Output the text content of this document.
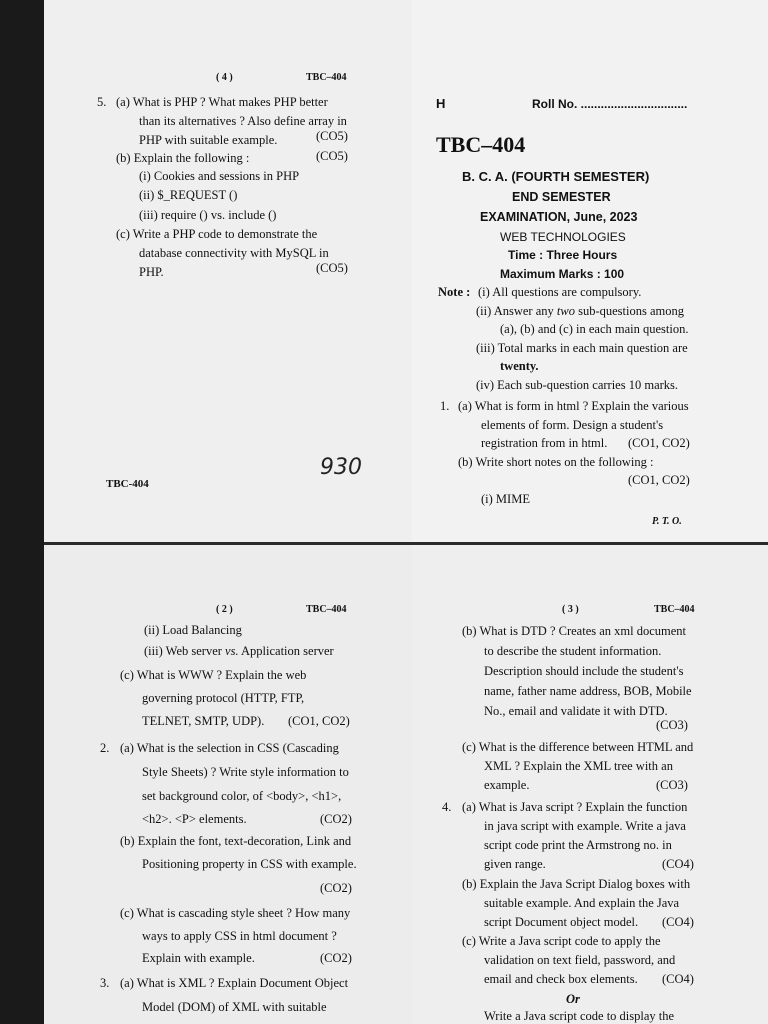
( 4 )	TBC–404
5. (a) What is PHP ? What makes PHP better
than its alternatives ? Also define array in
PHP with suitable example.	(CO5)
(b) Explain the following :	(CO5)
(i) Cookies and sessions in PHP
(ii) $_REQUEST ()
(iii) require () vs. include ()
(c) Write a PHP code to demonstrate the
database connectivity with MySQL in
PHP.	(CO5)
TBC-404
930
H	Roll No. ................................
TBC–404
B. C. A. (FOURTH SEMESTER)
END SEMESTER
EXAMINATION, June, 2023
WEB TECHNOLOGIES
Time : Three Hours
Maximum Marks : 100
Note : (i) All questions are compulsory.
(ii) Answer any two sub-questions among
(a), (b) and (c) in each main question.
(iii) Total marks in each main question are
twenty.
(iv) Each sub-question carries 10 marks.
1. (a) What is form in html ? Explain the various
elements of form. Design a student's
registration from in html. (CO1, CO2)
(b) Write short notes on the following :
(CO1, CO2)
(i) MIME
P. T. O.
( 2 )	TBC–404
(ii) Load Balancing
(iii) Web server vs. Application server
(c) What is WWW ? Explain the web
governing protocol (HTTP, FTP,
TELNET, SMTP, UDP). (CO1, CO2)
2. (a) What is the selection in CSS (Cascading
Style Sheets) ? Write style information to
set background color, of <body>, <h1>,
<h2>. <P> elements.	(CO2)
(b) Explain the font, text-decoration, Link and
Positioning property in CSS with example.
(CO2)
(c) What is cascading style sheet ? How many
ways to apply CSS in html document ?
Explain with example.	(CO2)
3. (a) What is XML ? Explain Document Object
Model (DOM) of XML with suitable
( 3 )	TBC–404
(b) What is DTD ? Creates an xml document
to describe the student information.
Description should include the student's
name, father name address, BOB, Mobile
No., email and validate it with DTD.
(CO3)
(c) What is the difference between HTML and
XML ? Explain the XML tree with an
example.	(CO3)
4. (a) What is Java script ? Explain the function
in java script with example. Write a java
script code print the Armstrong no. in
given range.	(CO4)
(b) Explain the Java Script Dialog boxes with
suitable example. And explain the Java
script Document object model. (CO4)
(c) Write a Java script code to apply the
validation on text field, password, and
email and check box elements. (CO4)
Or
Write a Java script code to display the
